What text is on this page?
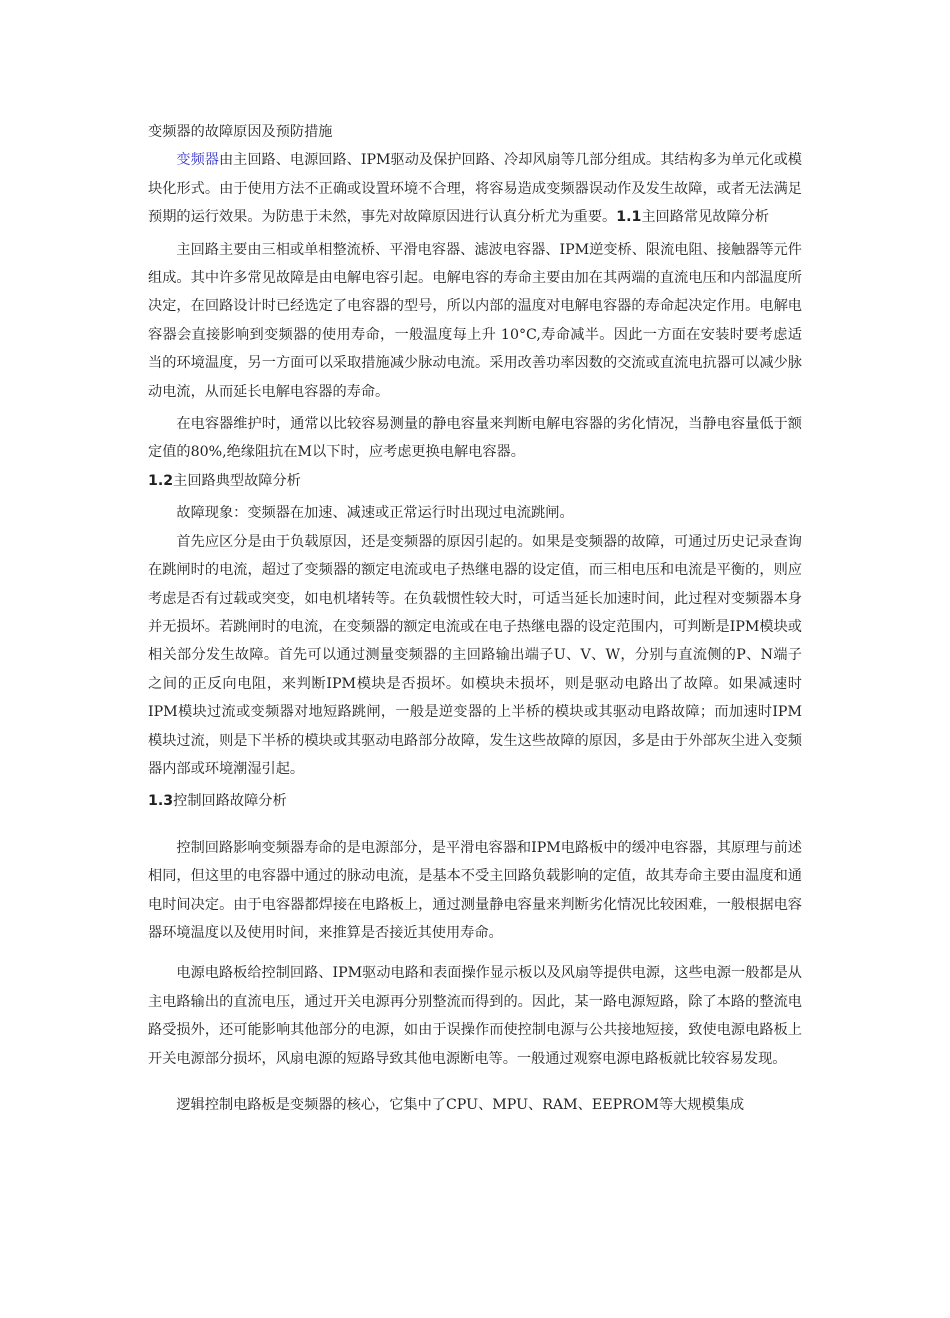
变频器的故障原因及预防措施

变频器由主回路、电源回路、IPM驱动及保护回路、冷却风扇等几部分组成。其结构多为单元化或模块化形式。由于使用方法不正确或设置环境不合理，将容易造成变频器误动作及发生故障，或者无法满足预期的运行效果。为防患于未然，事先对故障原因进行认真分析尤为重要。1.1主回路常见故障分析

主回路主要由三相或单相整流桥、平滑电容器、滤波电容器、IPM逆变桥、限流电阻、接触器等元件组成。其中许多常见故障是由电解电容引起。电解电容的寿命主要由加在其两端的直流电压和内部温度所决定，在回路设计时已经选定了电容器的型号，所以内部的温度对电解电容器的寿命起决定作用。电解电容器会直接影响到变频器的使用寿命，一般温度每上升 10°C,寿命减半。因此一方面在安装时要考虑适当的环境温度，另一方面可以采取措施减少脉动电流。采用改善功率因数的交流或直流电抗器可以减少脉动电流，从而延长电解电容器的寿命。

在电容器维护时，通常以比较容易测量的静电容量来判断电解电容器的劣化情况，当静电容量低于额定值的80%,绝缘阻抗在M以下时，应考虑更换电解电容器。

1.2主回路典型故障分析

故障现象：变频器在加速、减速或正常运行时出现过电流跳闸。

首先应区分是由于负载原因，还是变频器的原因引起的。如果是变频器的故障，可通过历史记录查询在跳闸时的电流，超过了变频器的额定电流或电子热继电器的设定值，而三相电压和电流是平衡的，则应考虑是否有过载或突变，如电机堵转等。在负载惯性较大时，可适当延长加速时间，此过程对变频器本身并无损坏。若跳闸时的电流，在变频器的额定电流或在电子热继电器的设定范围内，可判断是IPM模块或相关部分发生故障。首先可以通过测量变频器的主回路输出端子U、V、W，分别与直流侧的P、N端子之间的正反向电阻，来判断IPM模块是否损坏。如模块未损坏，则是驱动电路出了故障。如果减速时IPM模块过流或变频器对地短路跳闸，一般是逆变器的上半桥的模块或其驱动电路故障；而加速时IPM模块过流，则是下半桥的模块或其驱动电路部分故障，发生这些故障的原因，多是由于外部灰尘进入变频器内部或环境潮湿引起。

1.3控制回路故障分析

控制回路影响变频器寿命的是电源部分，是平滑电容器和IPM电路板中的缓冲电容器，其原理与前述相同，但这里的电容器中通过的脉动电流，是基本不受主回路负载影响的定值，故其寿命主要由温度和通电时间决定。由于电容器都焊接在电路板上，通过测量静电容量来判断劣化情况比较困难，一般根据电容器环境温度以及使用时间，来推算是否接近其使用寿命。

电源电路板给控制回路、IPM驱动电路和表面操作显示板以及风扇等提供电源，这些电源一般都是从主电路输出的直流电压，通过开关电源再分别整流而得到的。因此，某一路电源短路，除了本路的整流电路受损外，还可能影响其他部分的电源，如由于误操作而使控制电源与公共接地短接，致使电源电路板上开关电源部分损坏，风扇电源的短路导致其他电源断电等。一般通过观察电源电路板就比较容易发现。

逻辑控制电路板是变频器的核心，它集中了CPU、MPU、RAM、EEPROM等大规模集成
